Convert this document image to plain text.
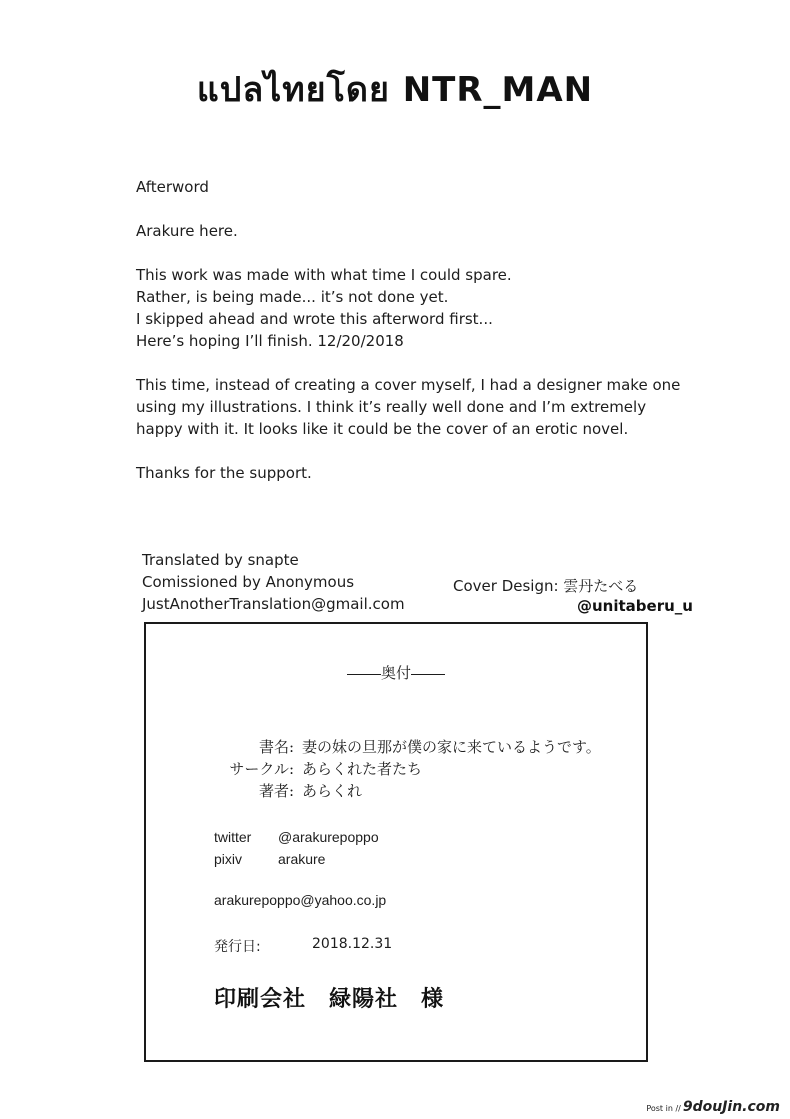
แปลไทยโดย NTR_MAN
Afterword
Arakure here.
This work was made with what time I could spare.
Rather, is being made... it’s not done yet.
I skipped ahead and wrote this afterword first...
Here’s hoping I’ll finish. 12/20/2018
This time, instead of creating a cover myself, I had a designer make one
using my illustrations. I think it’s really well done and I’m extremely
happy with it. It looks like it could be the cover of an erotic novel.
Thanks for the support.
Translated by snapte
Comissioned by Anonymous
JustAnotherTranslation@gmail.com
Cover Design: 雲丹たべる
@unitaberu_u
奥付
書名: 妻の妹の旦那が僕の家に来ているようです。
サークル: あらくれた者たち
著者: あらくれ
twitter	@arakurepoppo
pixiv	arakure
arakurepoppo@yahoo.co.jp
発行日:	2018.12.31
印刷会社　緑陽社　様
Post in // 9douJin.com
